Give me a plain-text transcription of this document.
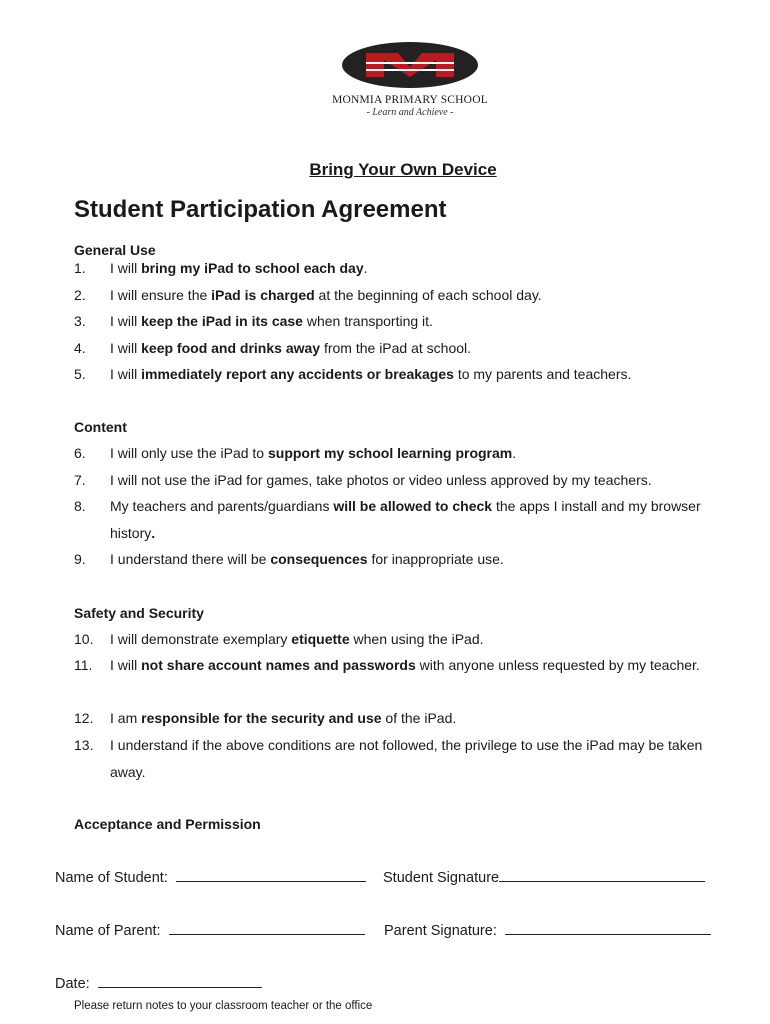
MONMIA PRIMARY SCHOOL
- Learn and Achieve -
Bring Your Own Device
Student Participation Agreement
General Use
1. I will bring my iPad to school each day.
2. I will ensure the iPad is charged at the beginning of each school day.
3. I will keep the iPad in its case when transporting it.
4. I will keep food and drinks away from the iPad at school.
5. I will immediately report any accidents or breakages to my parents and teachers.
Content
6. I will only use the iPad to support my school learning program.
7. I will not use the iPad for games, take photos or video unless approved by my teachers.
8. My teachers and parents/guardians will be allowed to check the apps I install and my browser history.
9. I understand there will be consequences for inappropriate use.
Safety and Security
10. I will demonstrate exemplary etiquette when using the iPad.
11. I will not share account names and passwords with anyone unless requested by my teacher.
12. I am responsible for the security and use of the iPad.
13. I understand if the above conditions are not followed, the privilege to use the iPad may be taken away.
Acceptance and Permission
Name of Student:	Student Signature
Name of Parent:	Parent Signature:
Date:
Please return notes to your classroom teacher or the office
